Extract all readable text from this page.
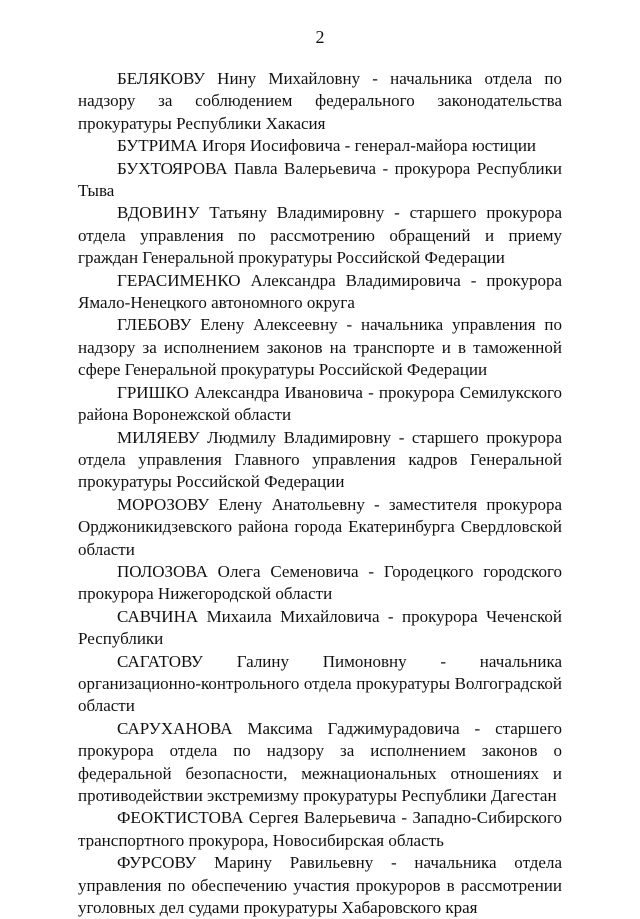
2

БЕЛЯКОВУ Нину Михайловну - начальника отдела по надзору за соблюдением федерального законодательства прокуратуры Республики Хакасия

БУТРИМА Игоря Иосифовича - генерал-майора юстиции

БУХТОЯРОВА Павла Валерьевича - прокурора Республики Тыва

ВДОВИНУ Татьяну Владимировну - старшего прокурора отдела управления по рассмотрению обращений и приему граждан Генеральной прокуратуры Российской Федерации

ГЕРАСИМЕНКО Александра Владимировича - прокурора Ямало-Ненецкого автономного округа

ГЛЕБОВУ Елену Алексеевну - начальника управления по надзору за исполнением законов на транспорте и в таможенной сфере Генеральной прокуратуры Российской Федерации

ГРИШКО Александра Ивановича - прокурора Семилукского района Воронежской области

МИЛЯЕВУ Людмилу Владимировну - старшего прокурора отдела управления Главного управления кадров Генеральной прокуратуры Российской Федерации

МОРОЗОВУ Елену Анатольевну - заместителя прокурора Орджоникидзевского района города Екатеринбурга Свердловской области

ПОЛОЗОВА Олега Семеновича - Городецкого городского прокурора Нижегородской области

САВЧИНА Михаила Михайловича - прокурора Чеченской Республики

САГАТОВУ Галину Пимоновну - начальника организационно-контрольного отдела прокуратуры Волгоградской области

САРУХАНОВА Максима Гаджимурадовича - старшего прокурора отдела по надзору за исполнением законов о федеральной безопасности, межнациональных отношениях и противодействии экстремизму прокуратуры Республики Дагестан

ФЕОКТИСТОВА Сергея Валерьевича - Западно-Сибирского транспортного прокурора, Новосибирская область

ФУРСОВУ Марину Равильевну - начальника отдела управления по обеспечению участия прокуроров в рассмотрении уголовных дел судами прокуратуры Хабаровского края
